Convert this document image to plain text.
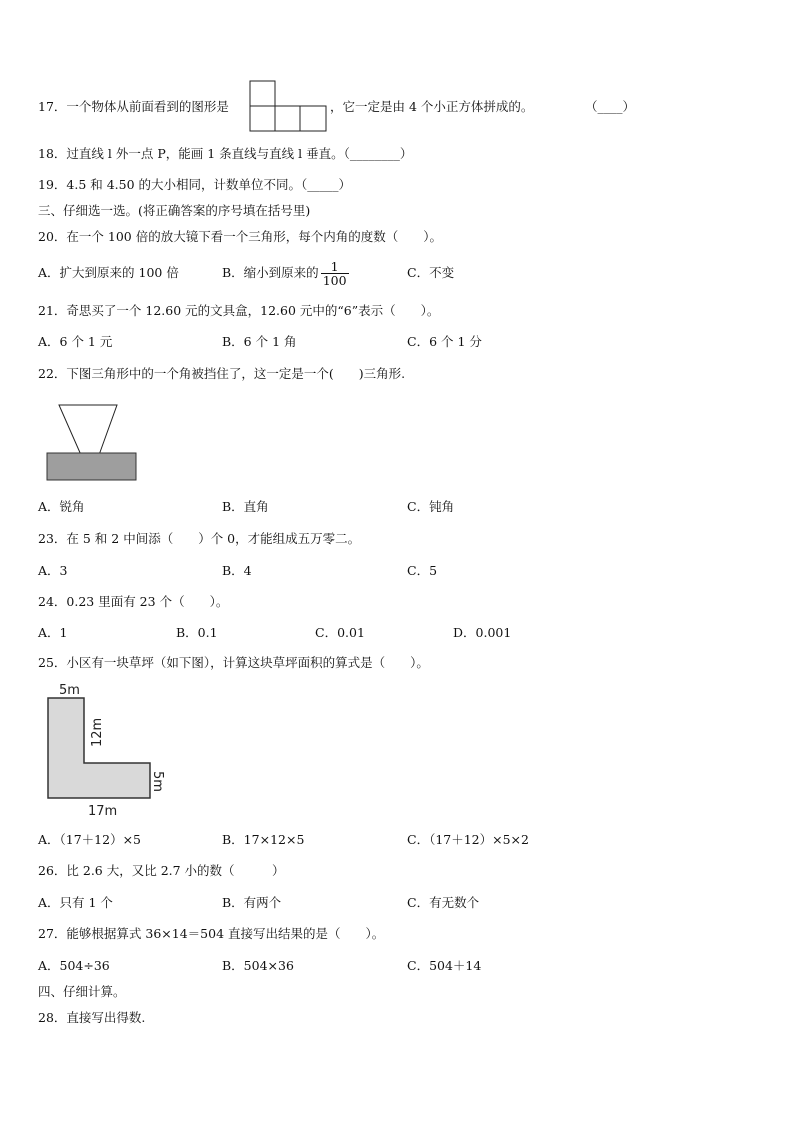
17．一个物体从前面看到的图形是	，它一定是由 4 个小正方体拼成的。	（____）
18．过直线 l 外一点 P，能画 1 条直线与直线 l 垂直。（________）
19．4.5 和 4.50 的大小相同，计数单位不同。（_____）
三、仔细选一选。(将正确答案的序号填在括号里)
20．在一个 100 倍的放大镜下看一个三角形，每个内角的度数（　　）。
A．扩大到原来的 100 倍	B．缩小到原来的 $\frac{1}{100}$	C．不变
21．奇思买了一个 12.60 元的文具盒，12.60 元中的“6”表示（　　）。
A．6 个 1 元	B．6 个 1 角	C．6 个 1 分
22．下图三角形中的一个角被挡住了，这一定是一个(　　)三角形.
A．锐角	B．直角	C．钝角
23．在 5 和 2 中间添（　　）个 0，才能组成五万零二。
A．3	B．4	C．5
24．0.23 里面有 23 个（　　）。
A．1	B．0.1	C．0.01	D．0.001
25．小区有一块草坪（如下图），计算这块草坪面积的算式是（　　）。
5m
12m
5m
17m
A．（17＋12）×5	B．17×12×5	C．（17＋12）×5×2
26．比 2.6 大，又比 2.7 小的数（　　　）
A．只有 1 个	B．有两个	C．有无数个
27．能够根据算式 36×14＝504 直接写出结果的是（　　）。
A．504÷36	B．504×36	C．504＋14
四、仔细计算。
28．直接写出得数.
